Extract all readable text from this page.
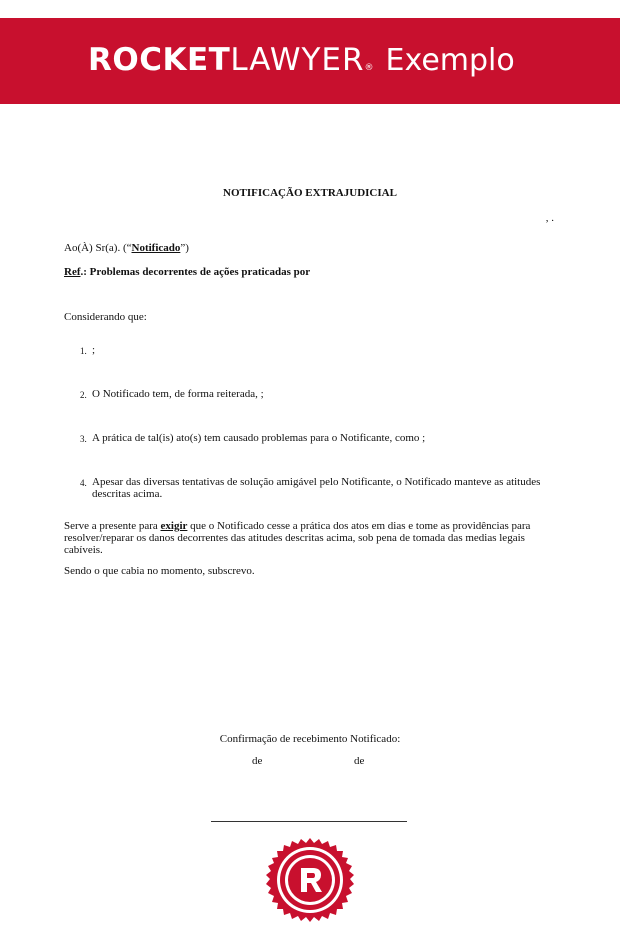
ROCKETLAWYER® Exemplo
NOTIFICAÇÃO EXTRAJUDICIAL
, .
Ao(À) Sr(a). (“Notificado”)
Ref.: Problemas decorrentes de ações praticadas por
Considerando que:
1. ;
2. O Notificado tem, de forma reiterada, ;
3. A prática de tal(is) ato(s) tem causado problemas para o Notificante, como ;
4. Apesar das diversas tentativas de solução amigável pelo Notificante, o Notificado manteve as atitudes descritas acima.
Serve a presente para exigir que o Notificado cesse a prática dos atos em dias e tome as providências para resolver/reparar os danos decorrentes das atitudes descritas acima, sob pena de tomada das medias legais cabíveis.
Sendo o que cabia no momento, subscrevo.
Confirmação de recebimento Notificado:
de	de
